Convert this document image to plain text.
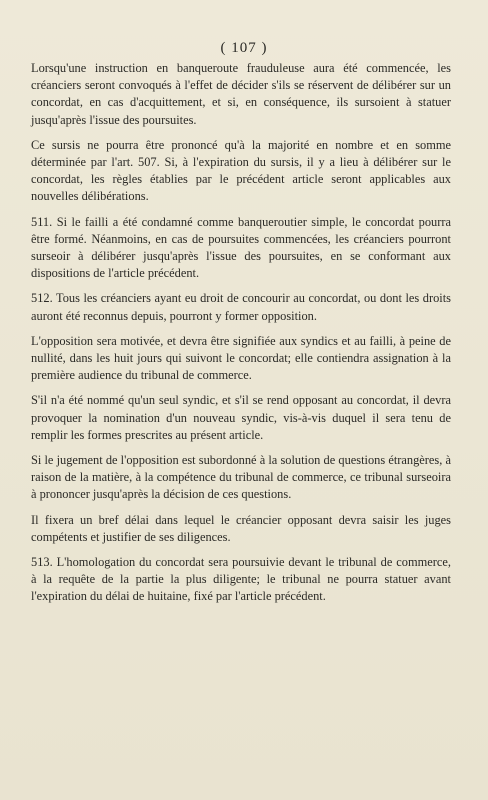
( 107 )

Lorsqu'une instruction en banqueroute frauduleuse aura été commencée, les créanciers seront convoqués à l'effet de décider s'ils se réservent de délibérer sur un concordat, en cas d'acquittement, et si, en conséquence, ils sursoient à statuer jusqu'après l'issue des poursuites.

Ce sursis ne pourra être prononcé qu'à la majorité en nombre et en somme déterminée par l'art. 507. Si, à l'expiration du sursis, il y a lieu à délibérer sur le concordat, les règles établies par le précédent article seront applicables aux nouvelles délibérations.

511. Si le failli a été condamné comme banqueroutier simple, le concordat pourra être formé. Néanmoins, en cas de poursuites commencées, les créanciers pourront surseoir à délibérer jusqu'après l'issue des poursuites, en se conformant aux dispositions de l'article précédent.

512. Tous les créanciers ayant eu droit de concourir au concordat, ou dont les droits auront été reconnus depuis, pourront y former opposition.

L'opposition sera motivée, et devra être signifiée aux syndics et au failli, à peine de nullité, dans les huit jours qui suivont le concordat; elle contiendra assignation à la première audience du tribunal de commerce.

S'il n'a été nommé qu'un seul syndic, et s'il se rend opposant au concordat, il devra provoquer la nomination d'un nouveau syndic, vis-à-vis duquel il sera tenu de remplir les formes prescrites au présent article.

Si le jugement de l'opposition est subordonné à la solution de questions étrangères, à raison de la matière, à la compétence du tribunal de commerce, ce tribunal surseoira à prononcer jusqu'après la décision de ces questions.

Il fixera un bref délai dans lequel le créancier opposant devra saisir les juges compétents et justifier de ses diligences.

513. L'homologation du concordat sera poursuivie devant le tribunal de commerce, à la requête de la partie la plus diligente; le tribunal ne pourra statuer avant l'expiration du délai de huitaine, fixé par l'article précédent.
